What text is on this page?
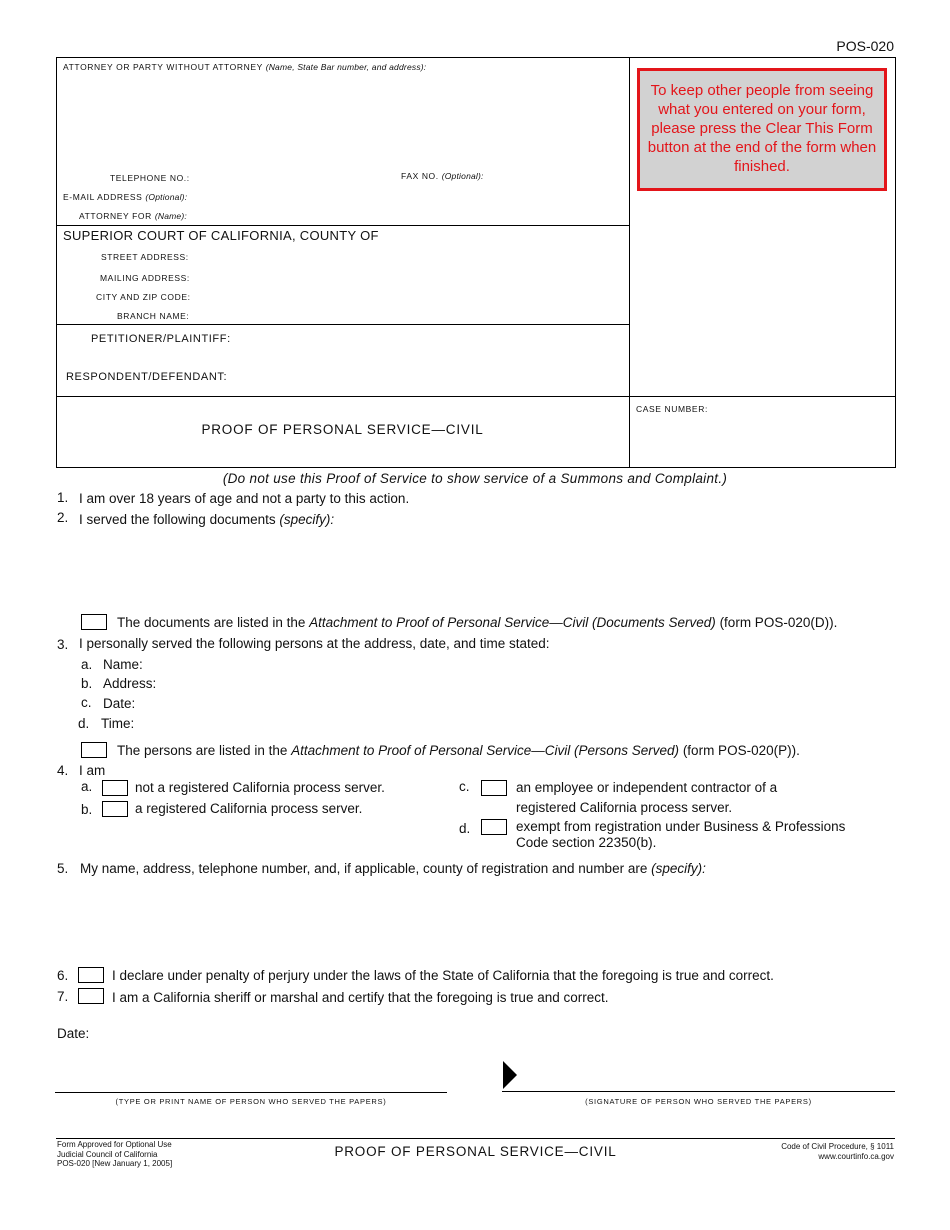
POS-020
ATTORNEY OR PARTY WITHOUT ATTORNEY (Name, State Bar number, and address):
TELEPHONE NO.:	FAX NO. (Optional):
E-MAIL ADDRESS (Optional):
ATTORNEY FOR (Name):
SUPERIOR COURT OF CALIFORNIA, COUNTY OF
STREET ADDRESS:
MAILING ADDRESS:
CITY AND ZIP CODE:
BRANCH NAME:
PETITIONER/PLAINTIFF:
RESPONDENT/DEFENDANT:
PROOF OF PERSONAL SERVICE—CIVIL
CASE NUMBER:
To keep other people from seeing what you entered on your form, please press the Clear This Form button at the end of the form when finished.
(Do not use this Proof of Service to show service of a Summons and Complaint.)
1. I am over 18 years of age and not a party to this action.
2. I served the following documents (specify):
The documents are listed in the Attachment to Proof of Personal Service—Civil (Documents Served) (form POS-020(D)).
3. I personally served the following persons at the address, date, and time stated:
a. Name:
b. Address:
c. Date:
d. Time:
The persons are listed in the Attachment to Proof of Personal Service—Civil (Persons Served) (form POS-020(P)).
4. I am
a.	not a registered California process server.
b.	a registered California process server.
c.	an employee or independent contractor of a
registered California process server.
d.	exempt from registration under Business & Professions
Code section 22350(b).
5. My name, address, telephone number, and, if applicable, county of registration and number are (specify):
6.	I declare under penalty of perjury under the laws of the State of California that the foregoing is true and correct.
7.	I am a California sheriff or marshal and certify that the foregoing is true and correct.
Date:
(TYPE OR PRINT NAME OF PERSON WHO SERVED THE PAPERS)	(SIGNATURE OF PERSON WHO SERVED THE PAPERS)
Form Approved for Optional Use
Judicial Council of California
POS-020 [New January 1, 2005]
PROOF OF PERSONAL SERVICE—CIVIL	Code of Civil Procedure, § 1011
www.courtinfo.ca.gov
